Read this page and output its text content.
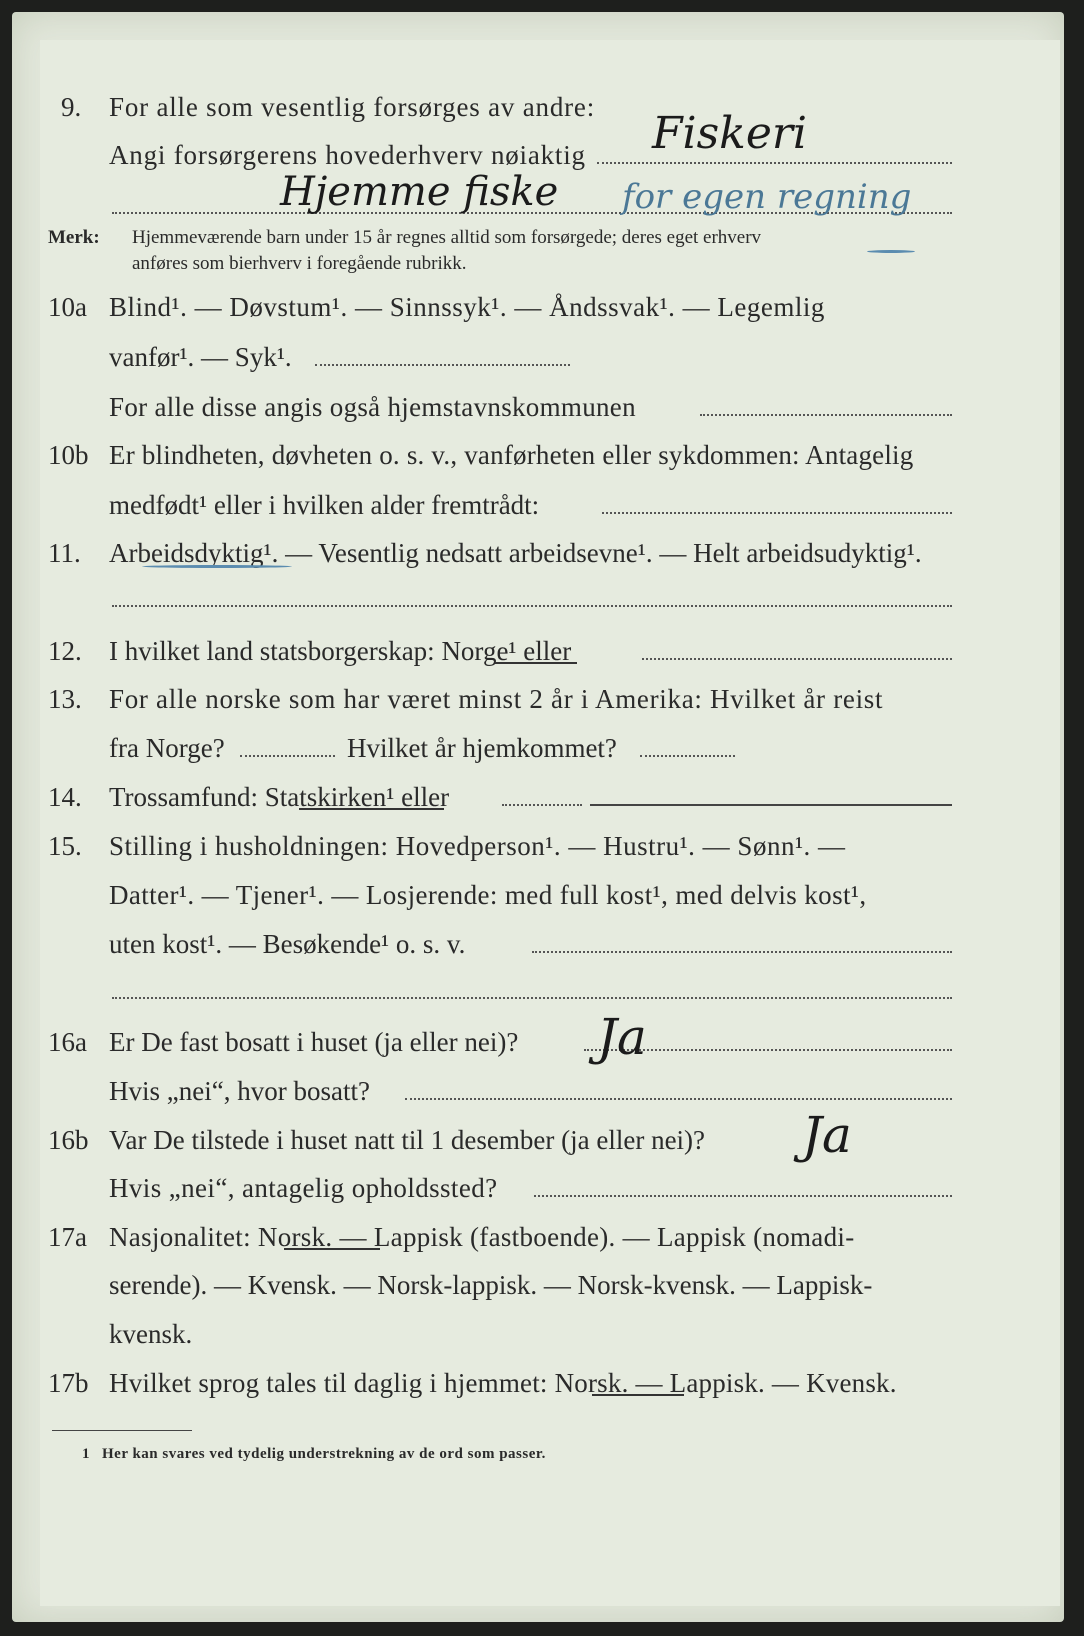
9. For alle som vesentlig forsørges av andre:
Angi forsørgerens hovederhverv nøiaktig Fiskeri
Hjemme fiske for egen regning
Merk: Hjemmeværende barn under 15 år regnes alltid som forsørgede; deres eget erhverv
anføres som bierhverv i foregående rubrikk.
10a Blind¹. — Døvstum¹. — Sinnssyk¹. — Åndssvak¹. — Legemlig
vanfør¹. — Syk¹.
For alle disse angis også hjemstavnskommunen
10b Er blindheten, døvheten o. s. v., vanførheten eller sykdommen: Antagelig
medfødt¹ eller i hvilken alder fremtrådt:
11. Arbeidsdyktig¹. — Vesentlig nedsatt arbeidsevne¹. — Helt arbeidsudyktig¹.
12. I hvilket land statsborgerskap: Norge¹ eller
13. For alle norske som har været minst 2 år i Amerika: Hvilket år reist
fra Norge?	Hvilket år hjemkommet?
14. Trossamfund: Statskirken¹ eller
15. Stilling i husholdningen: Hovedperson¹. — Hustru¹. — Sønn¹. —
Datter¹. — Tjener¹. — Losjerende: med full kost¹, med delvis kost¹,
uten kost¹. — Besøkende¹ o. s. v.
16a Er De fast bosatt i huset (ja eller nei)? Ja
Hvis „nei“, hvor bosatt?
16b Var De tilstede i huset natt til 1 desember (ja eller nei)? Ja
Hvis „nei“, antagelig opholdssted?
17a Nasjonalitet: Norsk. — Lappisk (fastboende). — Lappisk (nomadi-
serende). — Kvensk. — Norsk-lappisk. — Norsk-kvensk. — Lappisk-
kvensk.
17b Hvilket sprog tales til daglig i hjemmet: Norsk. — Lappisk. — Kvensk.
1 Her kan svares ved tydelig understrekning av de ord som passer.
